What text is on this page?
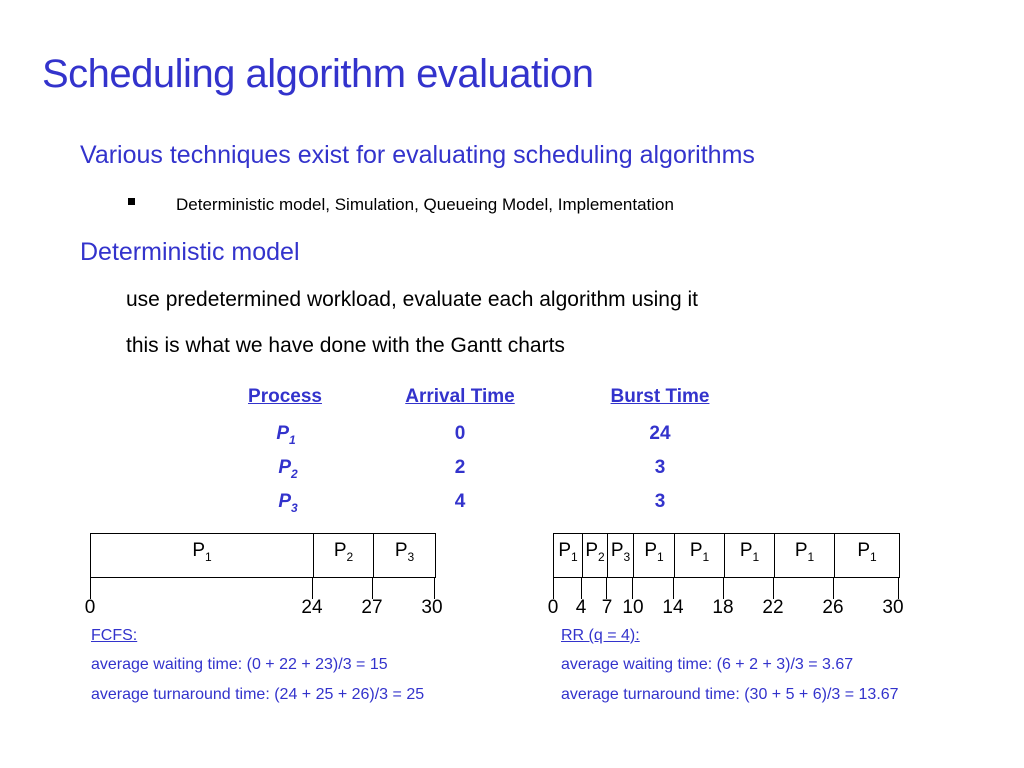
Scheduling algorithm evaluation
Various techniques exist for evaluating scheduling algorithms
Deterministic model, Simulation, Queueing Model, Implementation
Deterministic model
use predetermined workload, evaluate each algorithm using it
this is what we have done with the Gantt charts
Process	Arrival Time	Burst Time
$P_1$	0	24
$P_2$	2	3
$P_3$	4	3
$P_1$	$P_2$	$P_3$
0	24	27	30
FCFS:
average waiting time: (0 + 22 + 23)/3 = 15
average turnaround time: (24 + 25 + 26)/3 = 25
$P_1$ $P_2$ $P_3$ $P_1$	$P_1$	$P_1$	$P_1$	$P_1$
0 4 7 10 14	18	22	26	30
RR (q = 4):
average waiting time: (6 + 2 + 3)/3 = 3.67
average turnaround time: (30 + 5 + 6)/3 = 13.67
